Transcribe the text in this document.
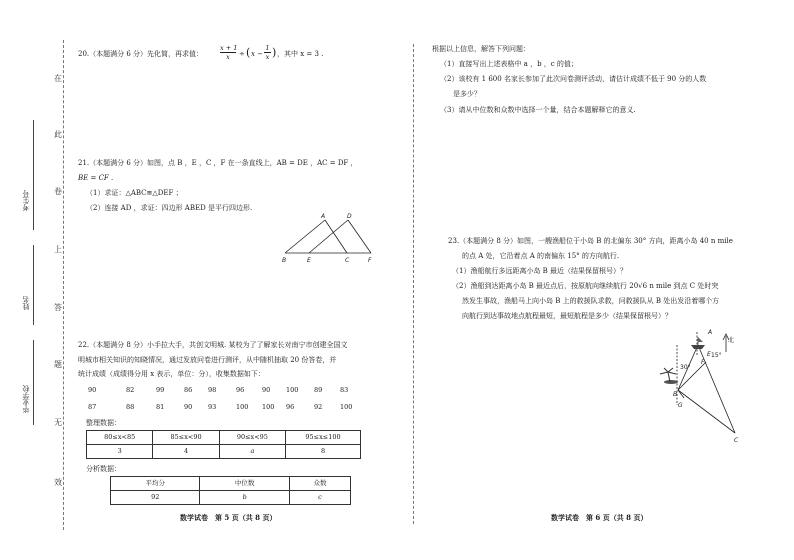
在
此
卷
上
答
题
无
效
考生号
姓名
毕业学校
20.（本题满分 6 分）先化简，再求值：	$\frac{x + 1}{x}$ ÷ ( $x - \frac{1}{x}$ ) ，其中 x = 3 .
21.（本题满分 6 分）如图，点 B ，E ，C ，F 在一条直线上，AB = DE ，AC = DF ，
BE = CF .
（1）求证：△ABC≌△DEF ；
（2）连接 AD ，求证：四边形 ABED 是平行四边形.
A	D
B	E	C	F
22.（本题满分 8 分）小手拉大手，共创文明城. 某校为了了解家长对南宁市创建全国文
明城市相关知识的知晓情况，通过发放问卷进行测评，从中随机抽取 20 份答卷，并
统计成绩（成绩得分用 x 表示，单位：分），收集数据如下：
90	82	99	86 98	96	90 100 89	83
87	88	81	90 93	100 100 96	92	100
整理数据：
80≤x<85	85≤x<90	90≤x<95	95≤x≤100
3	4	a	8
分析数据：
平均分	中位数	众数
92	b	c
数学试卷　第 5 页（共 8 页）
根据以上信息，解答下列问题：
（1）直接写出上述表格中 a ，b ，c 的值；
（2）该校有 1 600 名家长参加了此次问卷测评活动，请估计成绩不低于 90 分的人数
是多少？
（3）请从中位数和众数中选择一个量，结合本题解释它的意义.
23.（本题满分 8 分）如图，一艘渔船位于小岛 B 的北偏东 30° 方向，距离小岛 40 n mile
的点 A 处，它沿着点 A 的南偏东 15° 的方向航行.
（1）渔船航行多远距离小岛 B 最近（结果保留根号）？
（2）渔船到达距离小岛 B 最近点后，按原航向继续航行 20√6 n mile 到点 C 处时突
然发生事故，渔船马上向小岛 B 上的救援队求救，问救援队从 B 处出发沿着哪个方
向航行到达事故地点航程最短，最短航程是多少（结果保留根号）？
北
15°
30°
A
E
F
B
G
C
数学试卷　第 6 页（共 8 页）
